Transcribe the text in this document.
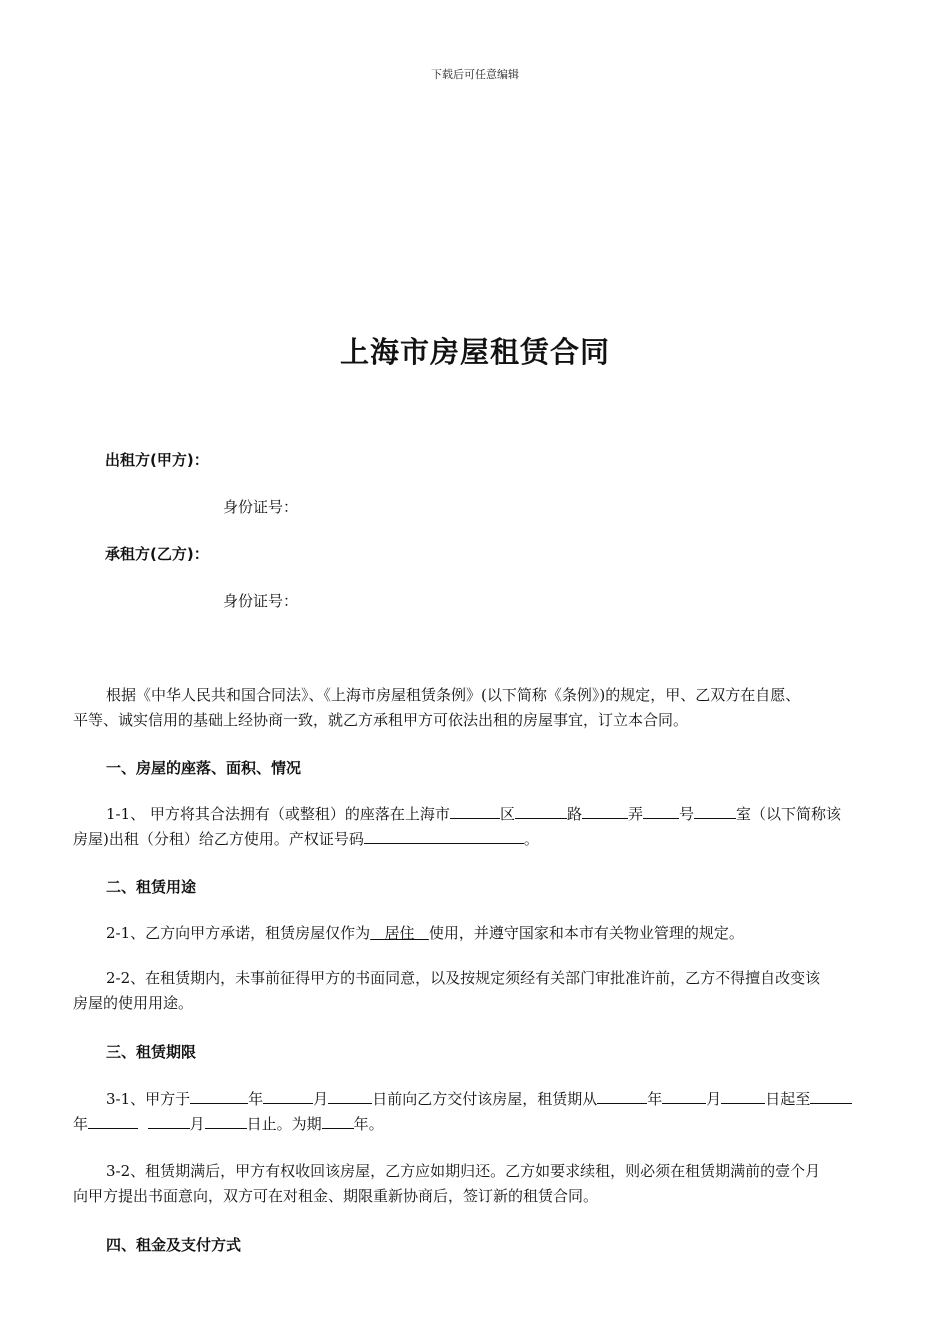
下载后可任意编辑
上海市房屋租赁合同
出租方(甲方)：
身份证号：
承租方(乙方)：
身份证号：
根据《中华人民共和国合同法》、《上海市房屋租赁条例》(以下简称《条例》)的规定，甲、乙双方在自愿、
平等、诚实信用的基础上经协商一致，就乙方承租甲方可依法出租的房屋事宜，订立本合同。
一、房屋的座落、面积、情况
1-1、 甲方将其合法拥有（或整租）的座落在上海市	区	路	弄 号	室（以下简称该
房屋)出租（分租）给乙方使用。产权证号码	。
二、租赁用途
2-1、乙方向甲方承诺，租赁房屋仅作为 居住 使用，并遵守国家和本市有关物业管理的规定。
2-2、在租赁期内，未事前征得甲方的书面同意，以及按规定须经有关部门审批准许前，乙方不得擅自改变该
房屋的使用用途。
三、租赁期限
3-1、甲方于	年	月	日前向乙方交付该房屋，租赁期从	年	月	日起至
年	月	日止。为期 年。
3-2、租赁期满后，甲方有权收回该房屋，乙方应如期归还。乙方如要求续租，则必须在租赁期满前的壹个月
向甲方提出书面意向，双方可在对租金、期限重新协商后，签订新的租赁合同。
四、租金及支付方式
